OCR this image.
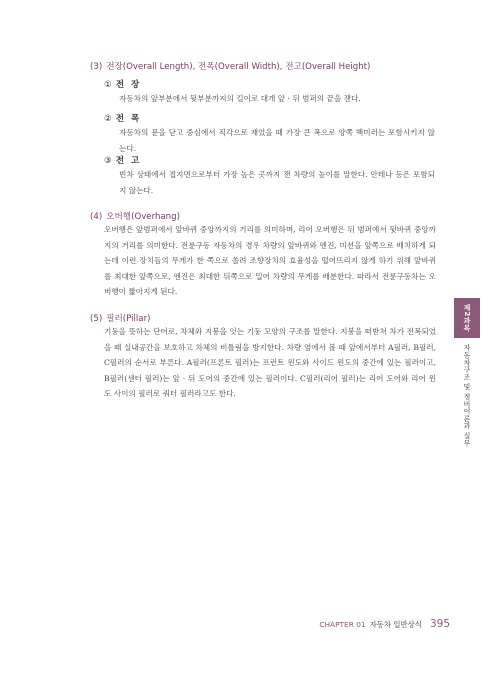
(3) 전장(Overall Length), 전폭(Overall Width), 전고(Overall Height)
① 전 장

자동차의 앞부분에서 뒷부분까지의 길이로 대개 앞 · 뒤 범퍼의 끝을 잰다.

② 전 폭

자동차의 문을 닫고 중심에서 직각으로 재었을 때 가장 큰 폭으로 양쪽 백미러는 포함시키지 않는다.

③ 전 고

빈차 상태에서 접지면으로부터 가장 높은 곳까지 잰 차량의 높이를 말한다. 안테나 등은 포함되지 않는다.

(4) 오버행(Overhang)

오버행은 앞범퍼에서 앞바퀴 중앙까지의 거리를 의미하며, 리어 오버행은 뒤 범퍼에서 뒷바퀴 중앙까지의 거리를 의미한다. 전륜구동 자동차의 경우 차량의 앞바퀴와 엔진, 미션을 앞쪽으로 배치하게 되는데 이런 장치들의 무게가 한 쪽으로 쏠려 조향장치의 효율성을 떨어뜨리지 않게 하기 위해 앞바퀴를 최대한 앞쪽으로, 엔진은 최대한 뒤쪽으로 밀어 차량의 무게를 배분한다. 따라서 전륜구동차는 오버행이 짧아지게 된다.

(5) 필러(Pillar)

기둥을 뜻하는 단어로, 차체와 지붕을 잇는 기둥 모양의 구조를 말한다. 지붕을 떠받쳐 차가 전복되었을 때 실내공간을 보호하고 차체의 비틀림을 방지한다. 차량 옆에서 볼 때 앞에서부터 A필러, B필러, C필러의 순서로 부른다. A필러(프론트 필러)는 프런트 윈도와 사이드 윈도의 중간에 있는 필러이고, B필러(센터 필러)는 앞 · 뒤 도어의 중간에 있는 필러이다. C필러(리어 필러)는 리어 도어와 리어 윈도 사이의 필러로 쿼터 필러라고도 한다.

제2과목
자동차구조 및 정비이론과 실무
CHAPTER 01 자동차 일반상식 395
